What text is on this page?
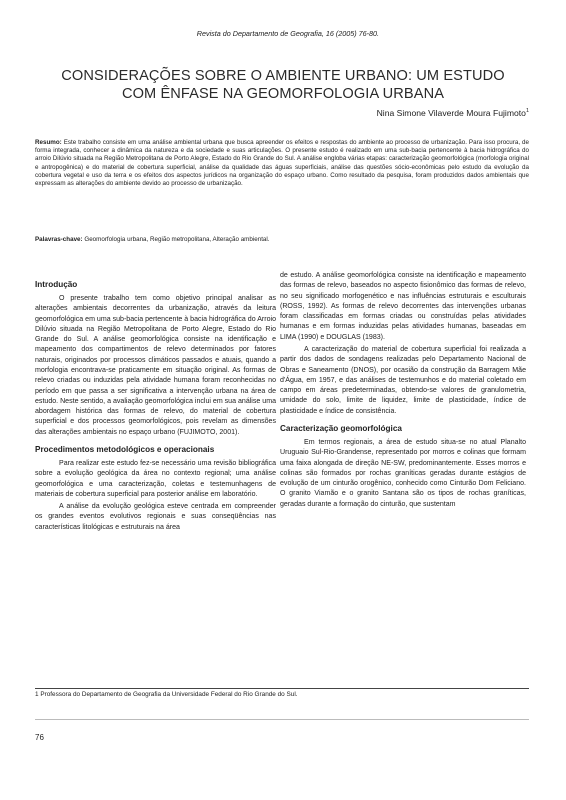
Revista do Departamento de Geografia, 16 (2005) 76-80.
CONSIDERAÇÕES SOBRE O AMBIENTE URBANO: UM ESTUDO
COM ÊNFASE NA GEOMORFOLOGIA URBANA
Nina Simone Vilaverde Moura Fujimoto$^1$
Resumo: Este trabalho consiste em uma análise ambiental urbana que busca apreender os efeitos e respostas do ambiente ao processo de urbanização. Para isso procura, de forma integrada, conhecer a dinâmica da natureza e da sociedade e suas articulações. O presente estudo é realizado em uma sub-bacia pertencente à bacia hidrográfica do arroio Dilúvio situada na Região Metropolitana de Porto Alegre, Estado do Rio Grande do Sul. A análise engloba várias etapas: caracterização geomorfológica (morfologia original e antropogênica) e do material de cobertura superficial, análise da qualidade das águas superficiais, análise das questões sócio-econômicas pelo estudo da evolução da cobertura vegetal e uso da terra e os efeitos dos aspectos jurídicos na organização do espaço urbano. Como resultado da pesquisa, foram produzidos dados ambientais que expressam as alterações do ambiente devido ao processo de urbanização.
Palavras-chave: Geomorfologia urbana, Região metropolitana, Alteração ambiental.
Introdução

O presente trabalho tem como objetivo principal analisar as alterações ambientais decorrentes da urbanização, através da leitura geomorfológica em uma sub-bacia pertencente à bacia hidrográfica do Arroio Dilúvio situada na Região Metropolitana de Porto Alegre, Estado do Rio Grande do Sul. A análise geomorfológica consiste na identificação e mapeamento dos compartimentos de relevo determinados por fatores naturais, originados por processos climáticos passados e atuais, quando a morfologia encontrava-se praticamente em situação original. As formas de relevo criadas ou induzidas pela atividade humana foram reconhecidas no período em que passa a ser significativa a intervenção urbana na área de estudo. Neste sentido, a avaliação geomorfológica inclui em sua análise uma abordagem histórica das formas de relevo, do material de cobertura superficial e dos processos geomorfológicos, pois revelam as dimensões das alterações ambientais no espaço urbano (FUJIMOTO, 2001).

Procedimentos metodológicos e operacionais

Para realizar este estudo fez-se necessário uma revisão bibliográfica sobre a evolução geológica da área no contexto regional; uma análise geomorfológica e uma caracterização, coletas e testemunhagens de materiais de cobertura superficial para posterior análise em laboratório.

A análise da evolução geológica esteve centrada em compreender os grandes eventos evolutivos regionais e suas conseqüências nas características litológicas e estruturais na área

de estudo. A análise geomorfológica consiste na identificação e mapeamento das formas de relevo, baseados no aspecto fisionômico das formas de relevo, no seu significado morfogenético e nas influências estruturais e esculturais (ROSS, 1992). As formas de relevo decorrentes das intervenções urbanas foram classificadas em formas criadas ou construídas pelas atividades humanas e em formas induzidas pelas atividades humanas, baseadas em LIMA (1990) e DOUGLAS (1983).

A caracterização do material de cobertura superficial foi realizada a partir dos dados de sondagens realizadas pelo Departamento Nacional de Obras e Saneamento (DNOS), por ocasião da construção da Barragem Mãe d'Água, em 1957, e das análises de testemunhos e do material coletado em campo em áreas predeterminadas, obtendo-se valores de granulometria, umidade do solo, limite de liquidez, limite de plasticidade, índice de plasticidade e índice de consistência.

Caracterização geomorfológica

Em termos regionais, a área de estudo situa-se no atual Planalto Uruguaio Sul-Rio-Grandense, representado por morros e colinas que formam uma faixa alongada de direção NE-SW, predominantemente. Esses morros e colinas são formados por rochas graníticas geradas durante estágios de evolução de um cinturão orogênico, conhecido como Cinturão Dom Feliciano. O granito Viamão e o granito Santana são os tipos de rochas graníticas, geradas durante a formação do cinturão, que sustentam

1 Professora do Departamento de Geografia da Universidade Federal do Rio Grande do Sul.
76
